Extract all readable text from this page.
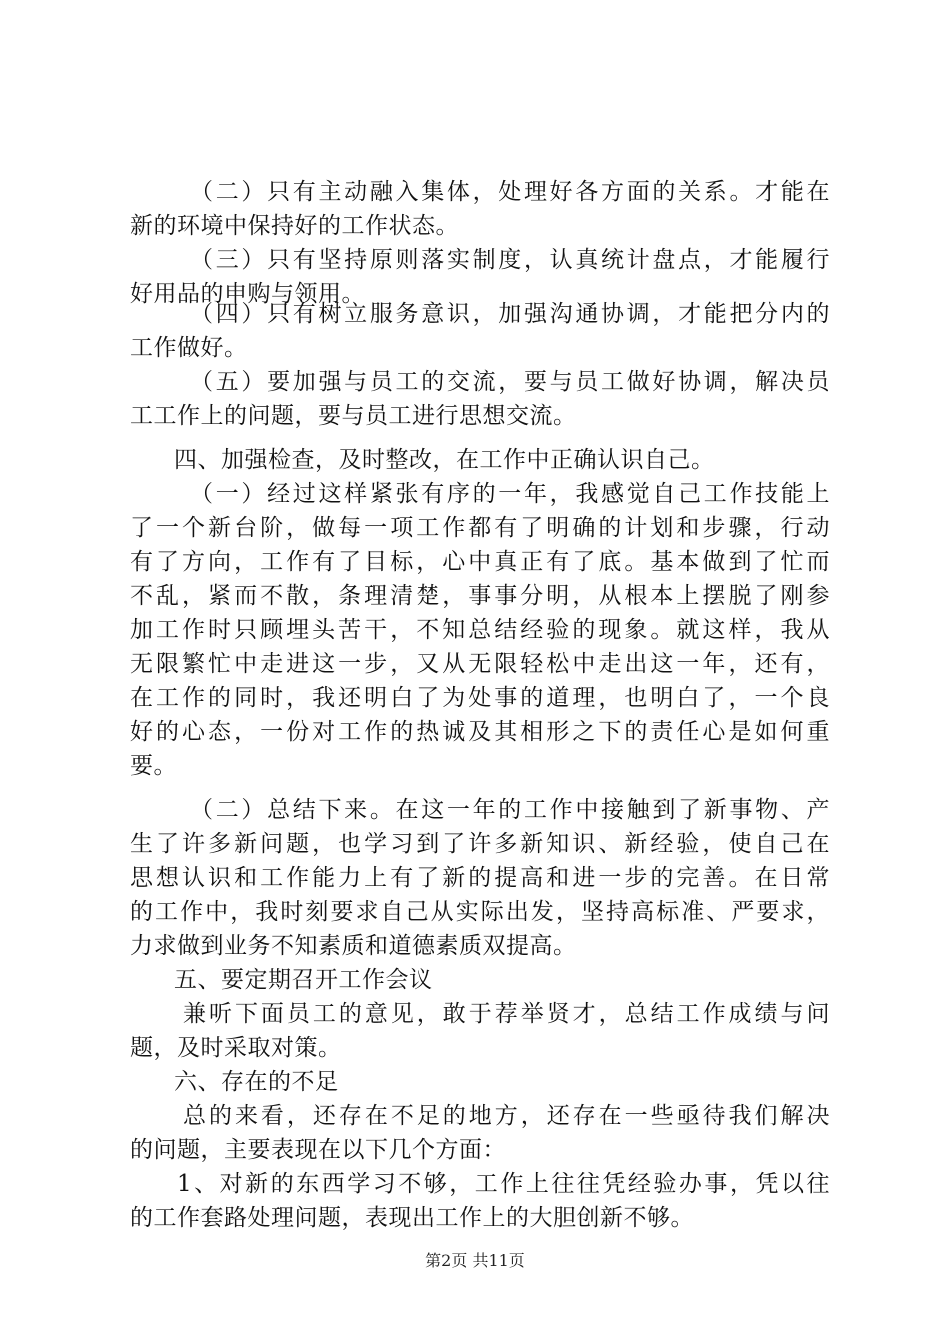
（二）只有主动融入集体，处理好各方面的关系。才能在
新的环境中保持好的工作状态。
（三）只有坚持原则落实制度，认真统计盘点，才能履行
好用品的申购与领用。
（四）只有树立服务意识，加强沟通协调，才能把分内的
工作做好。
（五）要加强与员工的交流，要与员工做好协调，解决员
工工作上的问题，要与员工进行思想交流。
四、加强检查，及时整改，在工作中正确认识自己。
（一）经过这样紧张有序的一年，我感觉自己工作技能上
了一个新台阶，做每一项工作都有了明确的计划和步骤，行动
有了方向，工作有了目标，心中真正有了底。基本做到了忙而
不乱，紧而不散，条理清楚，事事分明，从根本上摆脱了刚参
加工作时只顾埋头苦干，不知总结经验的现象。就这样，我从
无限繁忙中走进这一步，又从无限轻松中走出这一年，还有，
在工作的同时，我还明白了为处事的道理，也明白了，一个良
好的心态，一份对工作的热诚及其相形之下的责任心是如何重
要。
（二）总结下来。在这一年的工作中接触到了新事物、产
生了许多新问题，也学习到了许多新知识、新经验，使自己在
思想认识和工作能力上有了新的提高和进一步的完善。在日常
的工作中，我时刻要求自己从实际出发，坚持高标准、严要求，
力求做到业务不知素质和道德素质双提高。
五、要定期召开工作会议
兼听下面员工的意见，敢于荐举贤才，总结工作成绩与问
题，及时采取对策。
六、存在的不足
总的来看，还存在不足的地方，还存在一些亟待我们解决
的问题，主要表现在以下几个方面：
1、对新的东西学习不够，工作上往往凭经验办事，凭以往
的工作套路处理问题，表现出工作上的大胆创新不够。
第2页 共11页
